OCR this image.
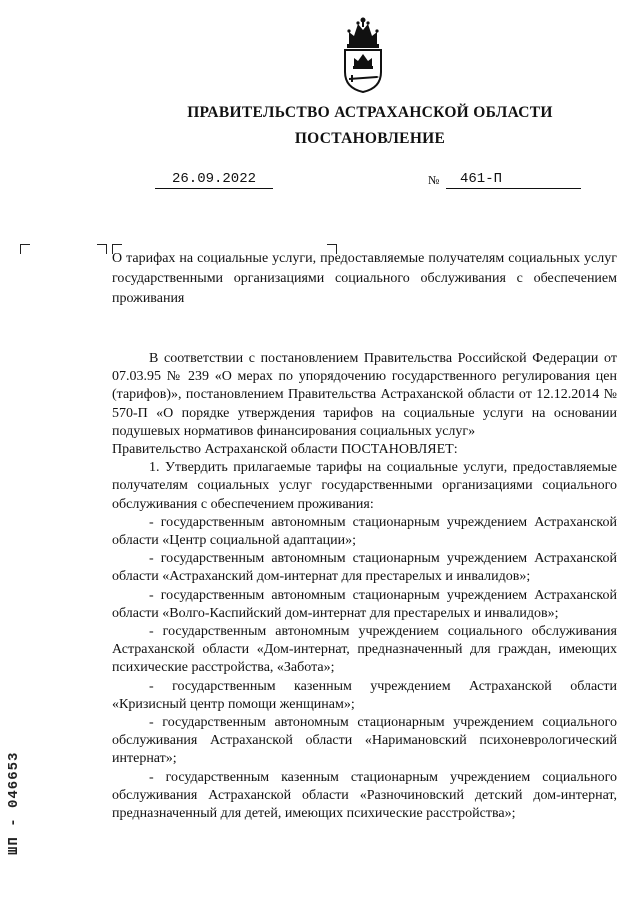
ПРАВИТЕЛЬСТВО АСТРАХАНСКОЙ ОБЛАСТИ
ПОСТАНОВЛЕНИЕ
26.09.2022	№	461-П
О тарифах на социальные услуги, предоставляемые получателям социальных услуг государственными организациями социального обслуживания с обеспечением проживания

В соответствии с постановлением Правительства Российской Федерации от 07.03.95 № 239 «О мерах по упорядочению государственного регулирования цен (тарифов)», постановлением Правительства Астраханской области от 12.12.2014 № 570-П «О порядке утверждения тарифов на социальные услуги на основании подушевых нормативов финансирования социальных услуг»

Правительство Астраханской области ПОСТАНОВЛЯЕТ:

1. Утвердить прилагаемые тарифы на социальные услуги, предоставляемые получателям социальных услуг государственными организациями социального обслуживания с обеспечением проживания:

- государственным автономным стационарным учреждением Астраханской области «Центр социальной адаптации»;

- государственным автономным стационарным учреждением Астраханской области «Астраханский дом-интернат для престарелых и инвалидов»;

- государственным автономным стационарным учреждением Астраханской области «Волго-Каспийский дом-интернат для престарелых и инвалидов»;

- государственным автономным учреждением социального обслуживания Астраханской области «Дом-интернат, предназначенный для граждан, имеющих психические расстройства, «Забота»;

- государственным казенным учреждением Астраханской области «Кризисный центр помощи женщинам»;

- государственным автономным стационарным учреждением социального обслуживания Астраханской области «Наримановский психоневрологический интернат»;

- государственным казенным стационарным учреждением социального обслуживания Астраханской области «Разночиновский детский дом-интернат, предназначенный для детей, имеющих психические расстройства»;

ШП - 046653
